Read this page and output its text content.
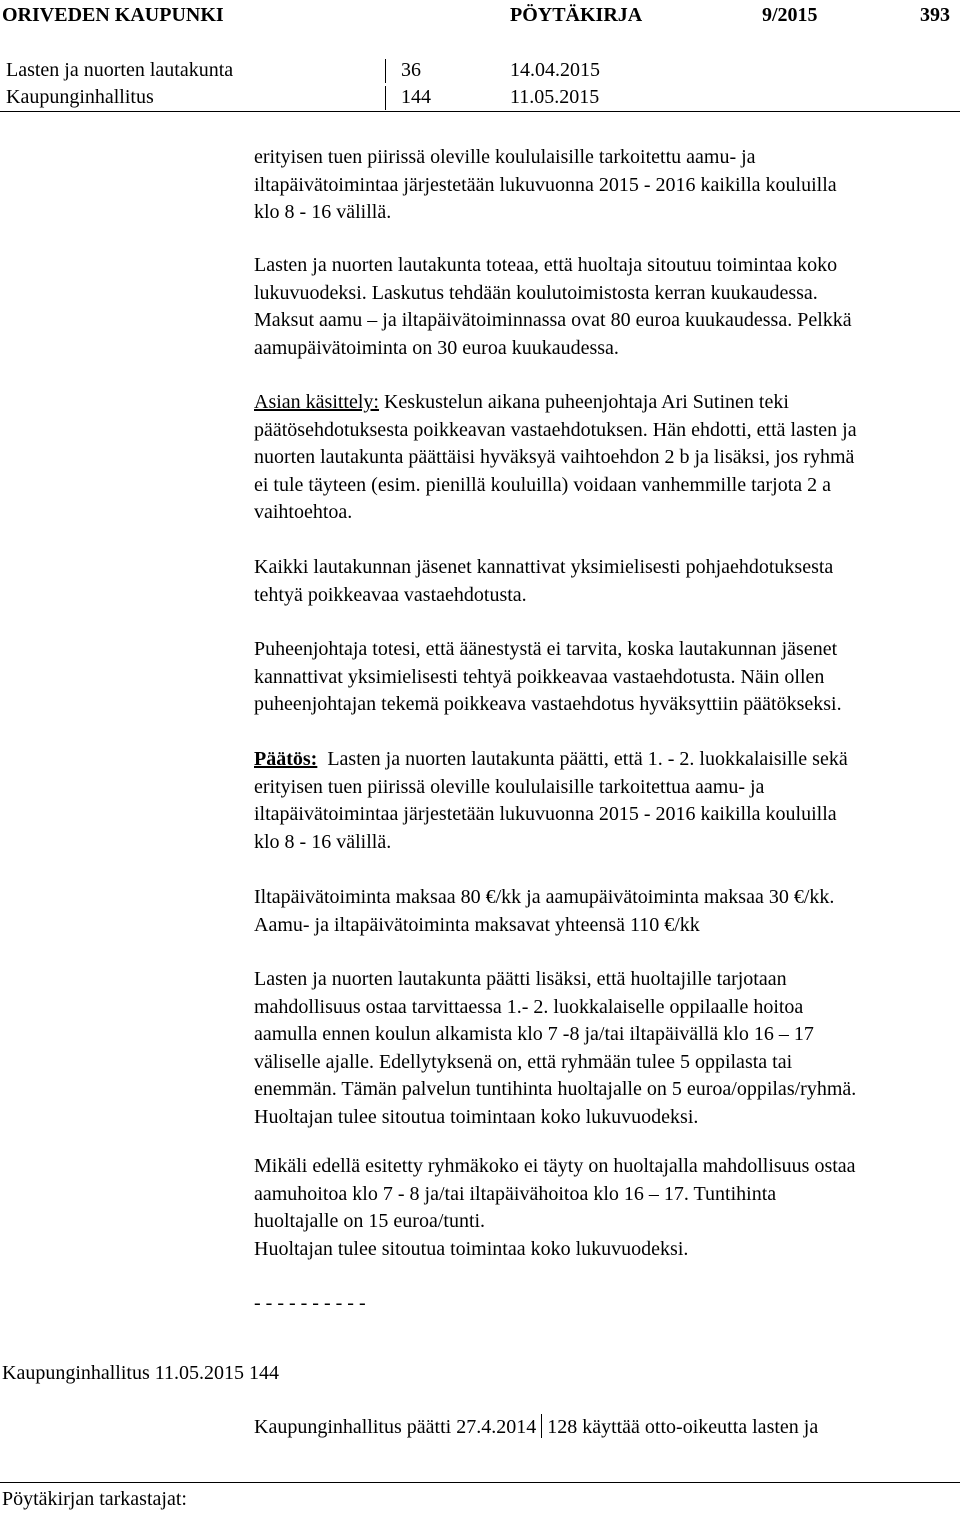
ORIVEDEN KAUPUNKI	PÖYTÄKIRJA	9/2015	393
Lasten ja nuorten lautakunta	36	14.04.2015
Kaupunginhallitus	144	11.05.2015
erityisen tuen piirissä oleville koululaisille tarkoitettu aamu- ja
iltapäivätoimintaa järjestetään lukuvuonna 2015 - 2016 kaikilla kouluilla
klo 8 - 16 välillä.
Lasten ja nuorten lautakunta toteaa, että huoltaja sitoutuu toimintaa koko
lukuvuodeksi. Laskutus tehdään koulutoimistosta kerran kuukaudessa.
Maksut aamu – ja iltapäivätoiminnassa ovat 80 euroa kuukaudessa. Pelkkä
aamupäivätoiminta on 30 euroa kuukaudessa.
Asian käsittely: Keskustelun aikana puheenjohtaja Ari Sutinen teki
päätösehdotuksesta poikkeavan vastaehdotuksen. Hän ehdotti, että lasten ja
nuorten lautakunta päättäisi hyväksyä vaihtoehdon 2 b ja lisäksi, jos ryhmä
ei tule täyteen (esim. pienillä kouluilla) voidaan vanhemmille tarjota 2 a
vaihtoehtoa.
Kaikki lautakunnan jäsenet kannattivat yksimielisesti pohjaehdotuksesta
tehtyä poikkeavaa vastaehdotusta.
Puheenjohtaja totesi, että äänestystä ei tarvita, koska lautakunnan jäsenet
kannattivat yksimielisesti tehtyä poikkeavaa vastaehdotusta. Näin ollen
puheenjohtajan tekemä poikkeava vastaehdotus hyväksyttiin päätökseksi.
Päätös:  Lasten ja nuorten lautakunta päätti, että 1. - 2. luokkalaisille sekä
erityisen tuen piirissä oleville koululaisille tarkoitettua aamu- ja
iltapäivätoimintaa järjestetään lukuvuonna 2015 - 2016 kaikilla kouluilla
klo 8 - 16 välillä.
Iltapäivätoiminta maksaa 80 €/kk ja aamupäivätoiminta maksaa 30 €/kk.
Aamu- ja iltapäivätoiminta maksavat yhteensä 110 €/kk
Lasten ja nuorten lautakunta päätti lisäksi, että huoltajille tarjotaan
mahdollisuus ostaa tarvittaessa 1.- 2. luokkalaiselle oppilaalle hoitoa
aamulla ennen koulun alkamista klo 7 -8 ja/tai iltapäivällä klo 16 – 17
väliselle ajalle. Edellytyksenä on, että ryhmään tulee 5 oppilasta tai
enemmän. Tämän palvelun tuntihinta huoltajalle on 5 euroa/oppilas/ryhmä.
Huoltajan tulee sitoutua toimintaan koko lukuvuodeksi.
Mikäli edellä esitetty ryhmäkoko ei täyty on huoltajalla mahdollisuus ostaa
aamuhoitoa klo 7 - 8 ja/tai iltapäivähoitoa klo 16 – 17. Tuntihinta
huoltajalle on 15 euroa/tunti.
Huoltajan tulee sitoutua toimintaa koko lukuvuodeksi.
- - - - - - - - - -
Kaupunginhallitus 11.05.2015 144
Kaupunginhallitus päätti 27.4.2014  128 käyttää otto-oikeutta lasten ja
Pöytäkirjan tarkastajat:
